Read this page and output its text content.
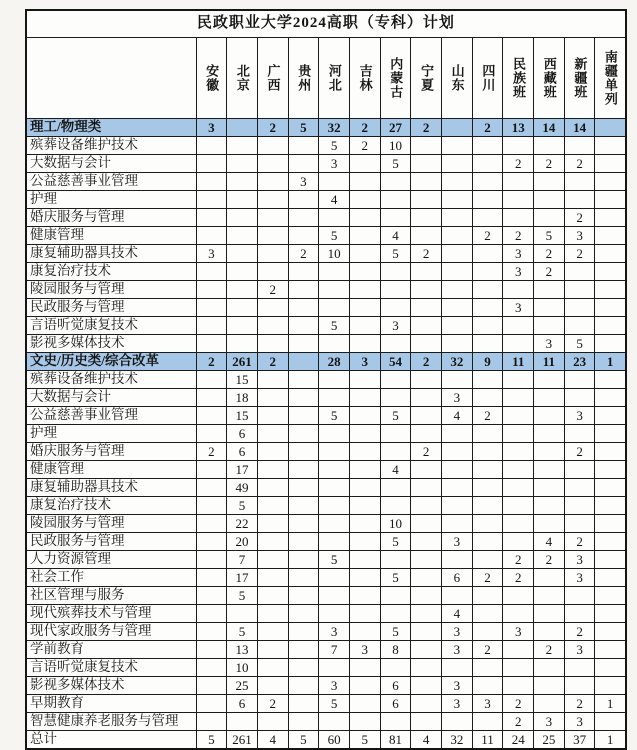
民政职业大学2024高职（专科）计划														
	安徽	北京	广西	贵州	河北	吉林	内蒙古	宁夏	山东	四川	民族班	西藏班	新疆班	南疆单列
理工/物理类	3		2	5	32	2	27	2		2	13	14	14	
殡葬设备维护技术					5	2	10							
大数据与会计					3		5				2	2	2	
公益慈善事业管理				3										
护理					4									
婚庆服务与管理													2	
健康管理					5		4			2	2	5	3	
康复辅助器具技术	3			2	10		5	2			3	2	2	
康复治疗技术											3	2		
陵园服务与管理			2											
民政服务与管理											3			
言语听觉康复技术					5		3							
影视多媒体技术												3	5	
文史/历史类/综合改革	2	261	2		28	3	54	2	32	9	11	11	23	1
殡葬设备维护技术		15												
大数据与会计		18							3					
公益慈善事业管理		15			5		5		4	2			3	
护理		6												
婚庆服务与管理	2	6						2					2	
健康管理		17					4							
康复辅助器具技术		49												
康复治疗技术		5												
陵园服务与管理		22					10							
民政服务与管理		20					5		3			4	2	
人力资源管理		7			5						2	2	3	
社会工作		17					5		6	2	2		3	
社区管理与服务		5												
现代殡葬技术与管理									4					
现代家政服务与管理		5			3		5		3		3		2	
学前教育		13			7	3	8		3	2		2	3	
言语听觉康复技术		10												
影视多媒体技术		25			3		6		3					
早期教育		6	2		5		6		3	3	2		2	1
智慧健康养老服务与管理											2	3	3	
总计	5	261	4	5	60	5	81	4	32	11	24	25	37	1
